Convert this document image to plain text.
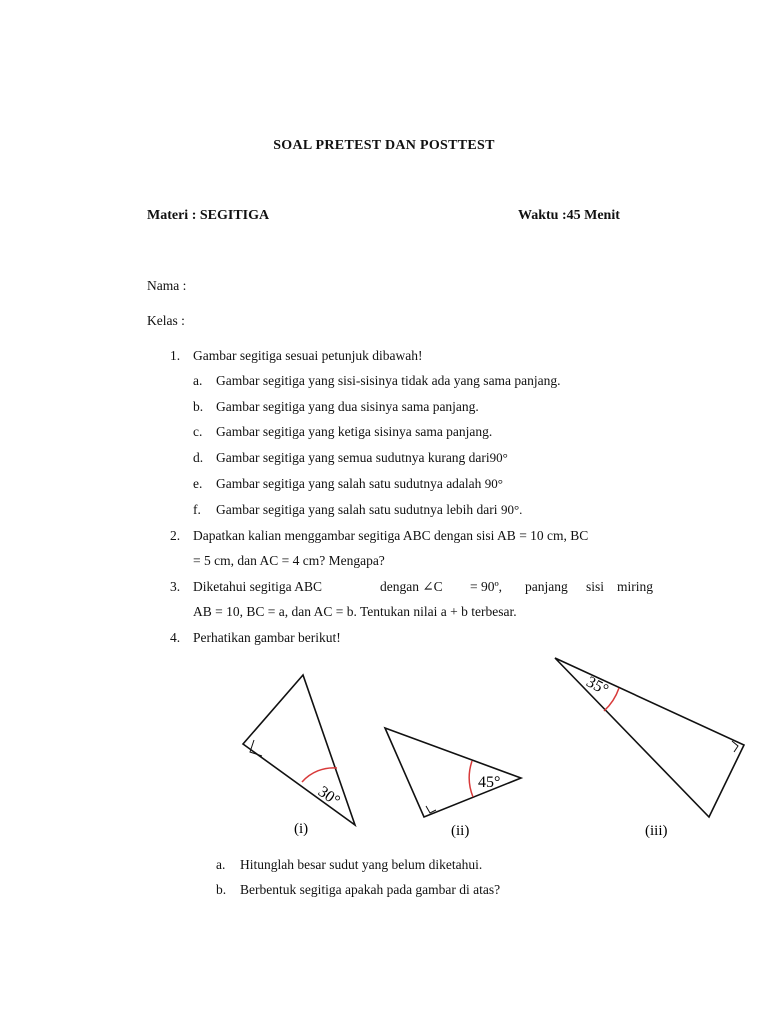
SOAL PRETEST DAN POSTTEST
Materi : SEGITIGA	Waktu :45 Menit
Nama :
Kelas :
1. Gambar segitiga sesuai petunjuk dibawah!
a. Gambar segitiga yang sisi-sisinya tidak ada yang sama panjang.
b. Gambar segitiga yang dua sisinya sama panjang.
c. Gambar segitiga yang ketiga sisinya sama panjang.
d. Gambar segitiga yang semua sudutnya kurang dari90°
e. Gambar segitiga yang salah satu sudutnya adalah 90°
f. Gambar segitiga yang salah satu sudutnya lebih dari 90°.
2. Dapatkan kalian menggambar segitiga ABC dengan sisi AB = 10 cm, BC
= 5 cm, dan AC = 4 cm? Mengapa?
3. Diketahui segitiga ABC	dengan ∠C = 90º, panjang sisi miring
AB = 10, BC = a, dan AC = b. Tentukan nilai a + b terbesar.
4. Perhatikan gambar berikut!
30°
(i)
45°
(ii)
35°
(iii)
a. Hitunglah besar sudut yang belum diketahui.
b. Berbentuk segitiga apakah pada gambar di atas?
